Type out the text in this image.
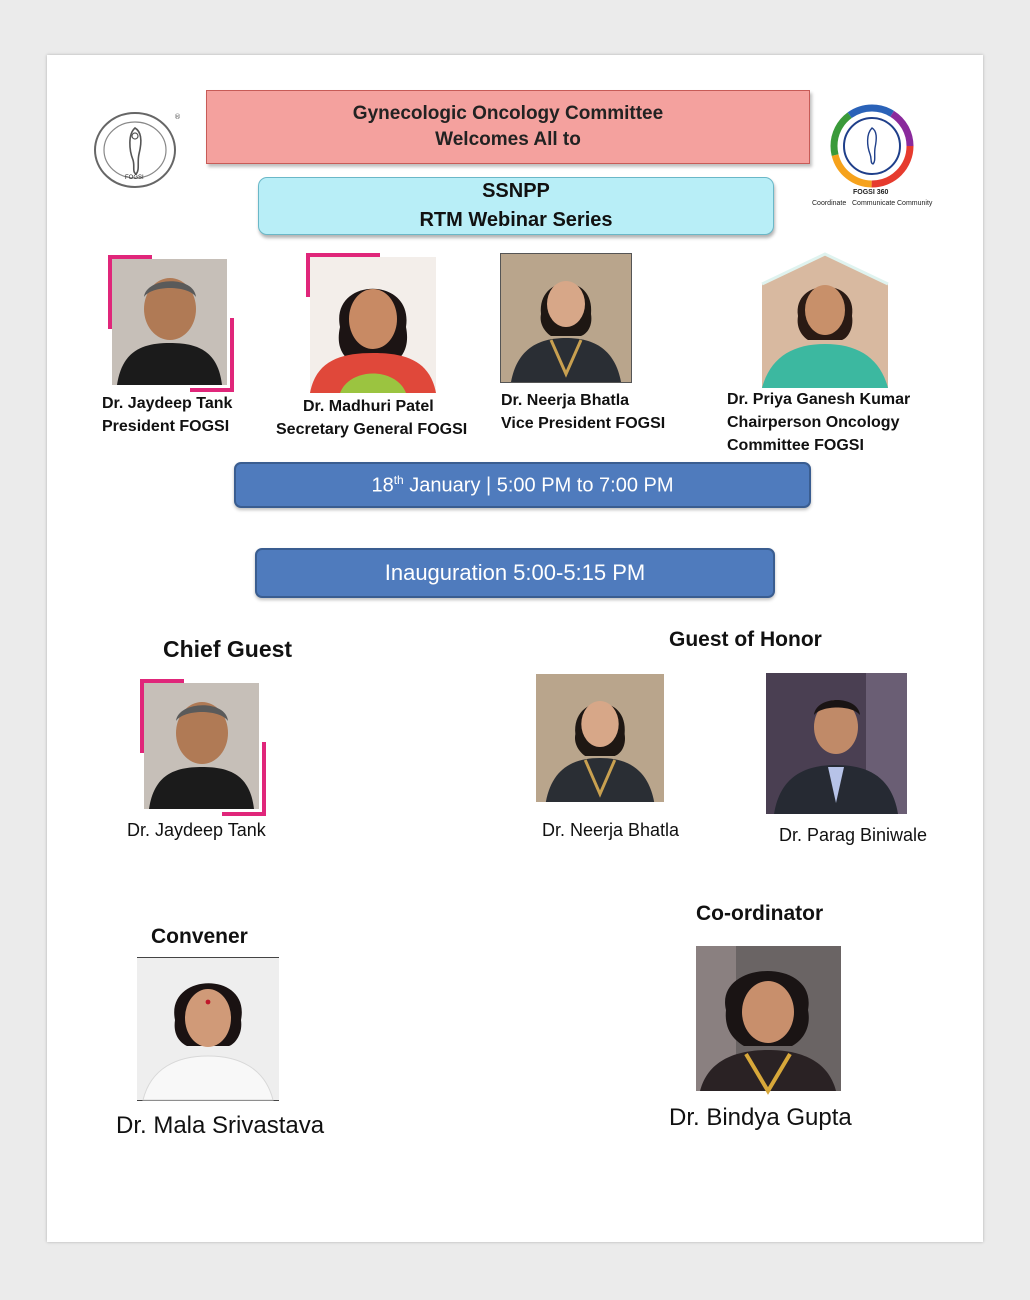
®
FOGSI
FOGSI 360
Coordinate Communicate Community
Gynecologic Oncology Committee
Welcomes All to
SSNPP
RTM Webinar Series
Dr. Jaydeep Tank
President FOGSI
Dr. Madhuri Patel
Secretary General FOGSI
Dr. Neerja Bhatla
Vice President FOGSI
Dr. Priya Ganesh Kumar
Chairperson Oncology
Committee FOGSI
18th January | 5:00 PM to 7:00 PM
Inauguration 5:00-5:15 PM
Chief Guest
Dr. Jaydeep Tank
Guest of Honor
Dr. Neerja Bhatla	Dr. Parag Biniwale
Convener
Dr. Mala Srivastava
Co-ordinator
Dr. Bindya Gupta
